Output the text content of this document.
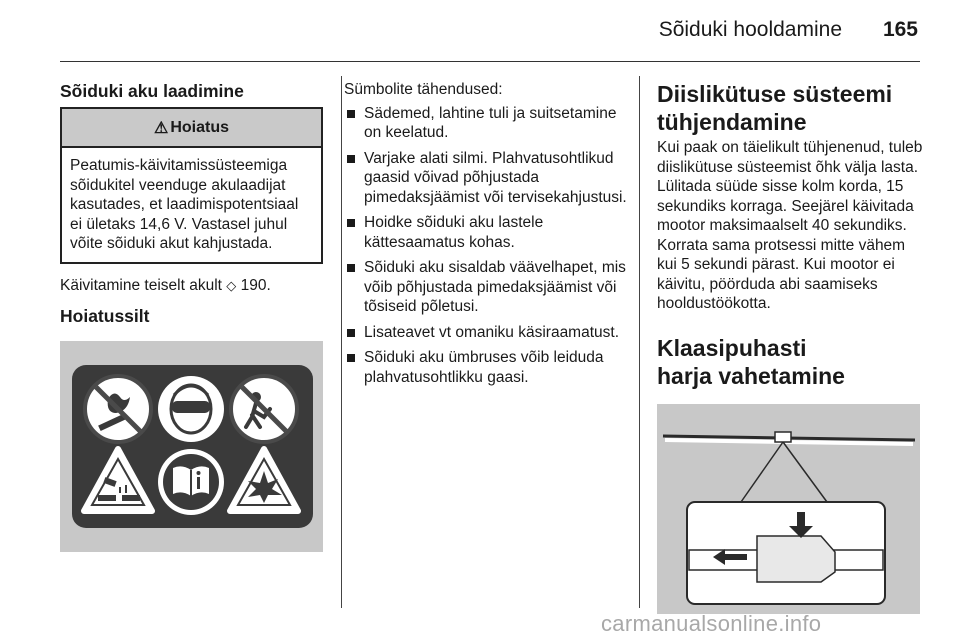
Sõiduki hooldamine 165
Sõiduki aku laadimine
⚠ Hoiatus
Peatumis-käivitamissüsteemiga sõidukitel veenduge akulaadijat kasutades, et laadimispotentsiaal ei ületaks 14,6 V. Vastasel juhul võite sõiduki akut kahjustada.
Käivitamine teiselt akult ◇ 190.
Hoiatussilt
Sümbolite tähendused:
Sädemed, lahtine tuli ja suitsetamine on keelatud.
Varjake alati silmi. Plahvatusohtlikud gaasid võivad põhjustada pimedaksjäämist või tervisekahjustusi.
Hoidke sõiduki aku lastele kättesaamatus kohas.
Sõiduki aku sisaldab väävelhapet, mis võib põhjustada pimedaksjäämist või tõsiseid põletusi.
Lisateavet vt omaniku käsiraamatust.
Sõiduki aku ümbruses võib leiduda plahvatusohtlikku gaasi.
Diislikütuse süsteemi tühjendamine
Kui paak on täielikult tühjenenud, tuleb diislikütuse süsteemist õhk välja lasta. Lülitada süüde sisse kolm korda, 15 sekundiks korraga. Seejärel käivitada mootor maksimaalselt 40 sekundiks. Korrata sama protsessi mitte vähem kui 5 sekundi pärast. Kui mootor ei käivitu, pöörduda abi saamiseks hooldustöökotta.
Klaasipuhasti harja vahetamine
carmanualsonline.info
